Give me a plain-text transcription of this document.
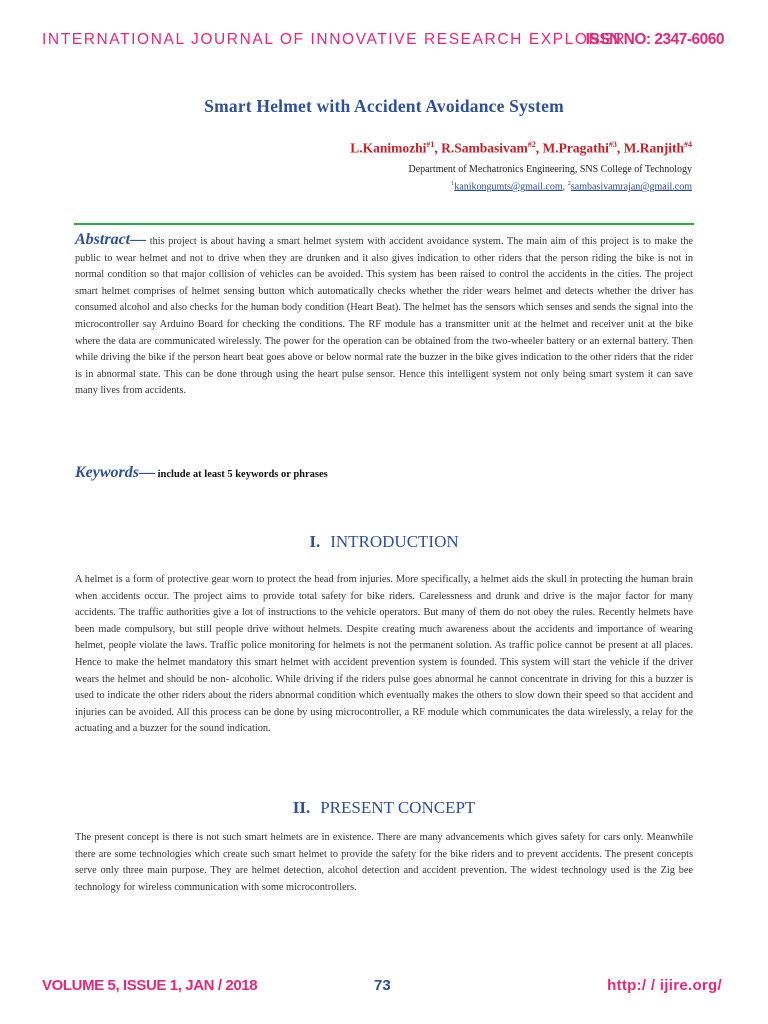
INTERNATIONAL JOURNAL OF INNOVATIVE RESEARCH EXPLORER
ISSN NO: 2347-6060
Smart Helmet with Accident Avoidance System
L.Kanimozhi$^{\#1}$, R.Sambasivam$^{\#2}$, M.Pragathi$^{\#3}$, M.Ranjith$^{\#4}$
Department of Mechatronics Engineering, SNS College of Technology
$^1$kanikongumts@gmail.com, $^2$sambasivamrajan@gmail.com
Abstract— this project is about having a smart helmet system with accident avoidance system. The main aim of this project is to make the public to wear helmet and not to drive when they are drunken and it also gives indication to other riders that the person riding the bike is not in normal condition so that major collision of vehicles can be avoided. This system has been raised to control the accidents in the cities. The project smart helmet comprises of helmet sensing button which automatically checks whether the rider wears helmet and detects whether the driver has consumed alcohol and also checks for the human body condition (Heart Beat). The helmet has the sensors which senses and sends the signal into the microcontroller say Arduino Board for checking the conditions. The RF module has a transmitter unit at the helmet and receiver unit at the bike where the data are communicated wirelessly. The power for the operation can be obtained from the two-wheeler battery or an external battery. Then while driving the bike if the person heart beat goes above or below normal rate the buzzer in the bike gives indication to the other riders that the rider is in abnormal state. This can be done through using the heart pulse sensor. Hence this intelligent system not only being smart system it can save many lives from accidents.
Keywords— include at least 5 keywords or phrases
I. INTRODUCTION
A helmet is a form of protective gear worn to protect the head from injuries. More specifically, a helmet aids the skull in protecting the human brain when accidents occur. The project aims to provide total safety for bike riders. Carelessness and drunk and drive is the major factor for many accidents. The traffic authorities give a lot of instructions to the vehicle operators. But many of them do not obey the rules. Recently helmets have been made compulsory, but still people drive without helmets. Despite creating much awareness about the accidents and importance of wearing helmet, people violate the laws. Traffic police monitoring for helmets is not the permanent solution. As traffic police cannot be present at all places. Hence to make the helmet mandatory this smart helmet with accident prevention system is founded. This system will start the vehicle if the driver wears the helmet and should be non- alcoholic. While driving if the riders pulse goes abnormal he cannot concentrate in driving for this a buzzer is used to indicate the other riders about the riders abnormal condition which eventually makes the others to slow down their speed so that accident and injuries can be avoided. All this process can be done by using microcontroller, a RF module which communicates the data wirelessly, a relay for the actuating and a buzzer for the sound indication.
II. PRESENT CONCEPT
The present concept is there is not such smart helmets are in existence. There are many advancements which gives safety for cars only. Meanwhile there are some technologies which create such smart helmet to provide the safety for the bike riders and to prevent accidents. The present concepts serve only three main purpose. They are helmet detection, alcohol detection and accident prevention. The widest technology used is the Zig bee technology for wireless communication with some microcontrollers.
VOLUME 5, ISSUE 1, JAN / 2018	73	http:/ / ijire.org/
